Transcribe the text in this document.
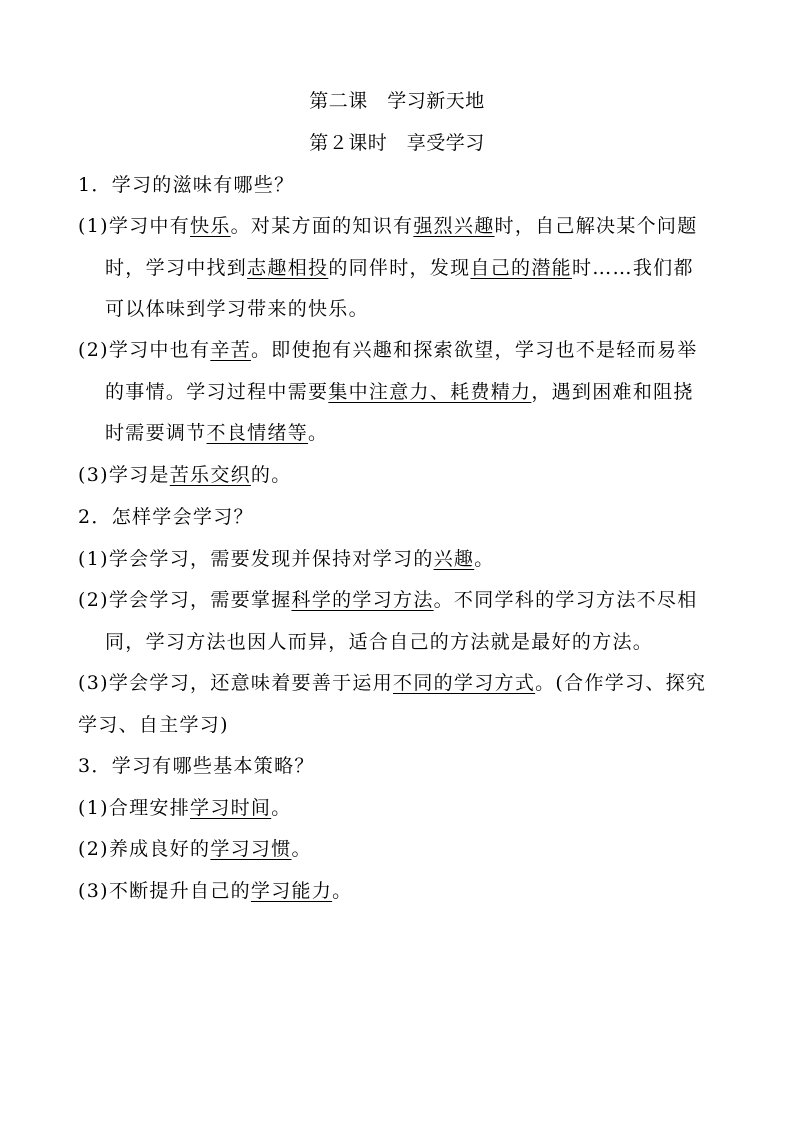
第二课　学习新天地
第２课时　享受学习
1．学习的滋味有哪些？
(1)学习中有快乐。对某方面的知识有强烈兴趣时，自己解决某个问题
时，学习中找到志趣相投的同伴时，发现自己的潜能时……我们都
可以体味到学习带来的快乐。
(2)学习中也有辛苦。即使抱有兴趣和探索欲望，学习也不是轻而易举
的事情。学习过程中需要集中注意力、耗费精力，遇到困难和阻挠
时需要调节不良情绪等。
(3)学习是苦乐交织的。
2．怎样学会学习？
(1)学会学习，需要发现并保持对学习的兴趣。
(2)学会学习，需要掌握科学的学习方法。不同学科的学习方法不尽相
同，学习方法也因人而异，适合自己的方法就是最好的方法。
(3)学会学习，还意味着要善于运用不同的学习方式。(合作学习、探究
学习、自主学习)
3．学习有哪些基本策略？
(1)合理安排学习时间。
(2)养成良好的学习习惯。
(3)不断提升自己的学习能力。
